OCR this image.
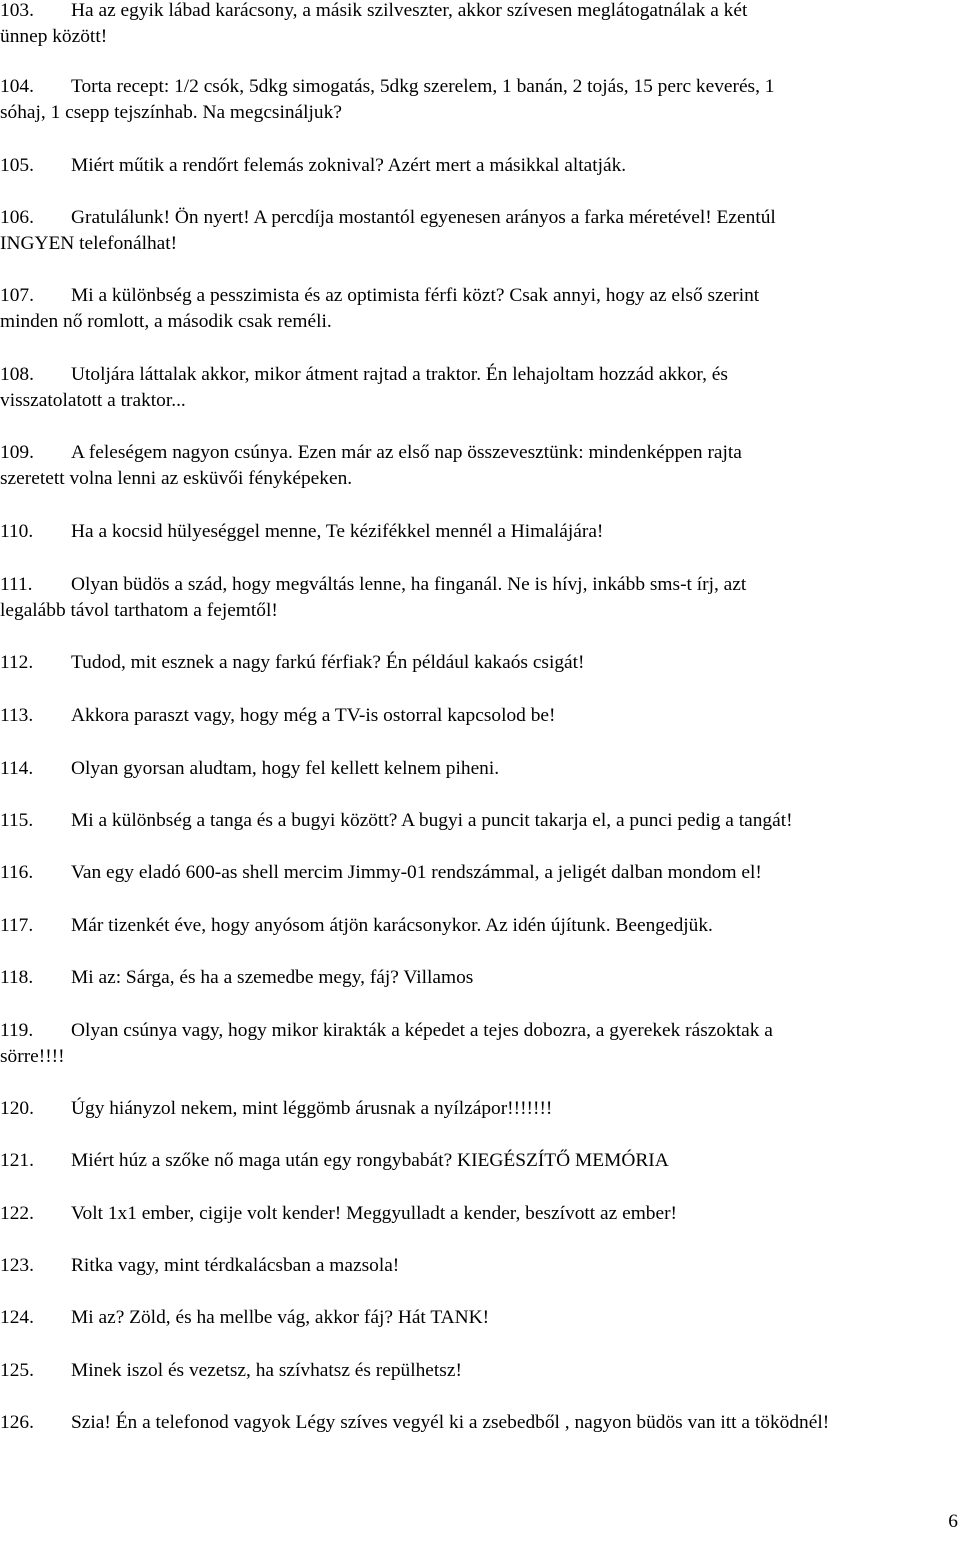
103. Ha az egyik lábad karácsony, a másik szilveszter, akkor szívesen meglátogatnálak a két
ünnep között!
104. Torta recept: 1/2 csók, 5dkg simogatás, 5dkg szerelem, 1 banán, 2 tojás, 15 perc keverés, 1
sóhaj, 1 csepp tejszínhab. Na megcsináljuk?
105. Miért műtik a rendőrt felemás zoknival? Azért mert a másikkal altatják.
106. Gratulálunk! Ön nyert! A percdíja mostantól egyenesen arányos a farka méretével! Ezentúl
INGYEN telefonálhat!
107. Mi a különbség a pesszimista és az optimista férfi közt? Csak annyi, hogy az első szerint
minden nő romlott, a második csak reméli.
108. Utoljára láttalak akkor, mikor átment rajtad a traktor. Én lehajoltam hozzád akkor, és
visszatolatott a traktor...
109. A feleségem nagyon csúnya. Ezen már az első nap összevesztünk: mindenképpen rajta
szeretett volna lenni az esküvői fényképeken.
110. Ha a kocsid hülyeséggel menne, Te kézifékkel mennél a Himalájára!
111. Olyan büdös a szád, hogy megváltás lenne, ha finganál. Ne is hívj, inkább sms-t írj, azt
legalább távol tarthatom a fejemtől!
112. Tudod, mit esznek a nagy farkú férfiak? Én például kakaós csigát!
113. Akkora paraszt vagy, hogy még a TV-is ostorral kapcsolod be!
114. Olyan gyorsan aludtam, hogy fel kellett kelnem piheni.
115. Mi a különbség a tanga és a bugyi között? A bugyi a puncit takarja el, a punci pedig a tangát!
116. Van egy eladó 600-as shell mercim Jimmy-01 rendszámmal, a jeligét dalban mondom el!
117. Már tizenkét éve, hogy anyósom átjön karácsonykor. Az idén újítunk. Beengedjük.
118. Mi az: Sárga, és ha a szemedbe megy, fáj? Villamos
119. Olyan csúnya vagy, hogy mikor kirakták a képedet a tejes dobozra, a gyerekek rászoktak a
sörre!!!!
120. Úgy hiányzol nekem, mint léggömb árusnak a nyílzápor!!!!!!!
121. Miért húz a szőke nő maga után egy rongybabát? KIEGÉSZÍTŐ MEMÓRIA
122. Volt 1x1 ember, cigije volt kender! Meggyulladt a kender, beszívott az ember!
123. Ritka vagy, mint térdkalácsban a mazsola!
124. Mi az? Zöld, és ha mellbe vág, akkor fáj? Hát TANK!
125. Minek iszol és vezetsz, ha szívhatsz és repülhetsz!
126. Szia! Én a telefonod vagyok Légy szíves vegyél ki a zsebedből , nagyon büdös van itt a töködnél!
6
